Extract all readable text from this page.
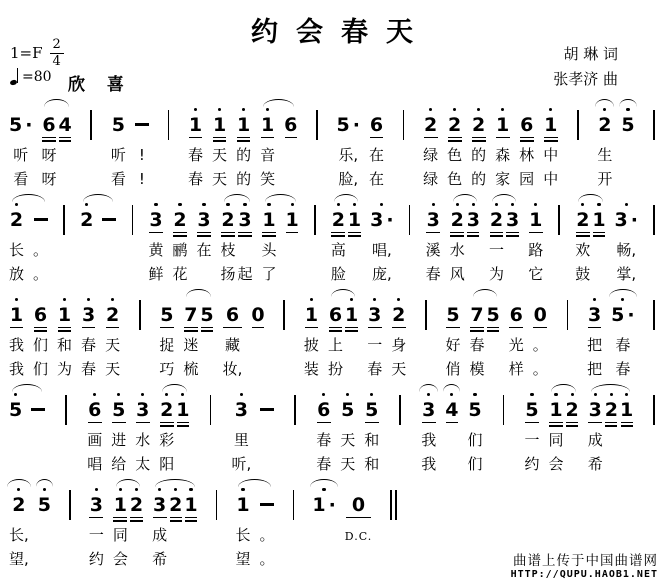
约会春天
$1=F \frac{2}{4}$
=80 欣 喜
胡 琳 词
张孝济 曲
5 ·
听
看
6
呀
呀
4 5
听
看
!
!
1
春
春
1
天
天
1
的
的
1
音
笑
6 5 ·
乐,
脸,
6
在
在
2
绿
绿
2
色
色
2
的
的
1
森
家
6
林
园
1
中
中
2
生
开
5
2
长
放
。
。
2	3
黄
鲜
2
鹂
花
3
在
2
枝
扬
3
起
1
头
了
1 2
高
脸
1 3 ·
唱,
庞,
3
溪
春
2
水
风
3 2
一
为
3 1
路
它
2
欢
鼓
1 3 ·
畅,
掌,
1
我
我
6
们
们
1
和
为
3
春
春
2
天
天
5
捉
巧
7
迷
梳
5 6
藏
妆,
0 1
披
装
6
上
扮
1 3
一
春
2
身
天
5
好
俏
7
春
模
5 6
光
样
0
。
。
3
把
把
5 ·
春
春
5	6
画
唱
5
进
给
3
水
太
2
彩
阳
1 3
里
听,
6
春
春
5
天
天
5
和
和
3
我
我
4 5
们
们
5
一
约
1
同
会
2 3
成
希
2 1
2
长,
望,
5 3
一
约
1
同
会
2 3
成
希
2 1 1
长
望
。
。
1 · 0
D.C.
曲谱上传于中国曲谱网
HTTP://QUPU.HAOB1.NET
